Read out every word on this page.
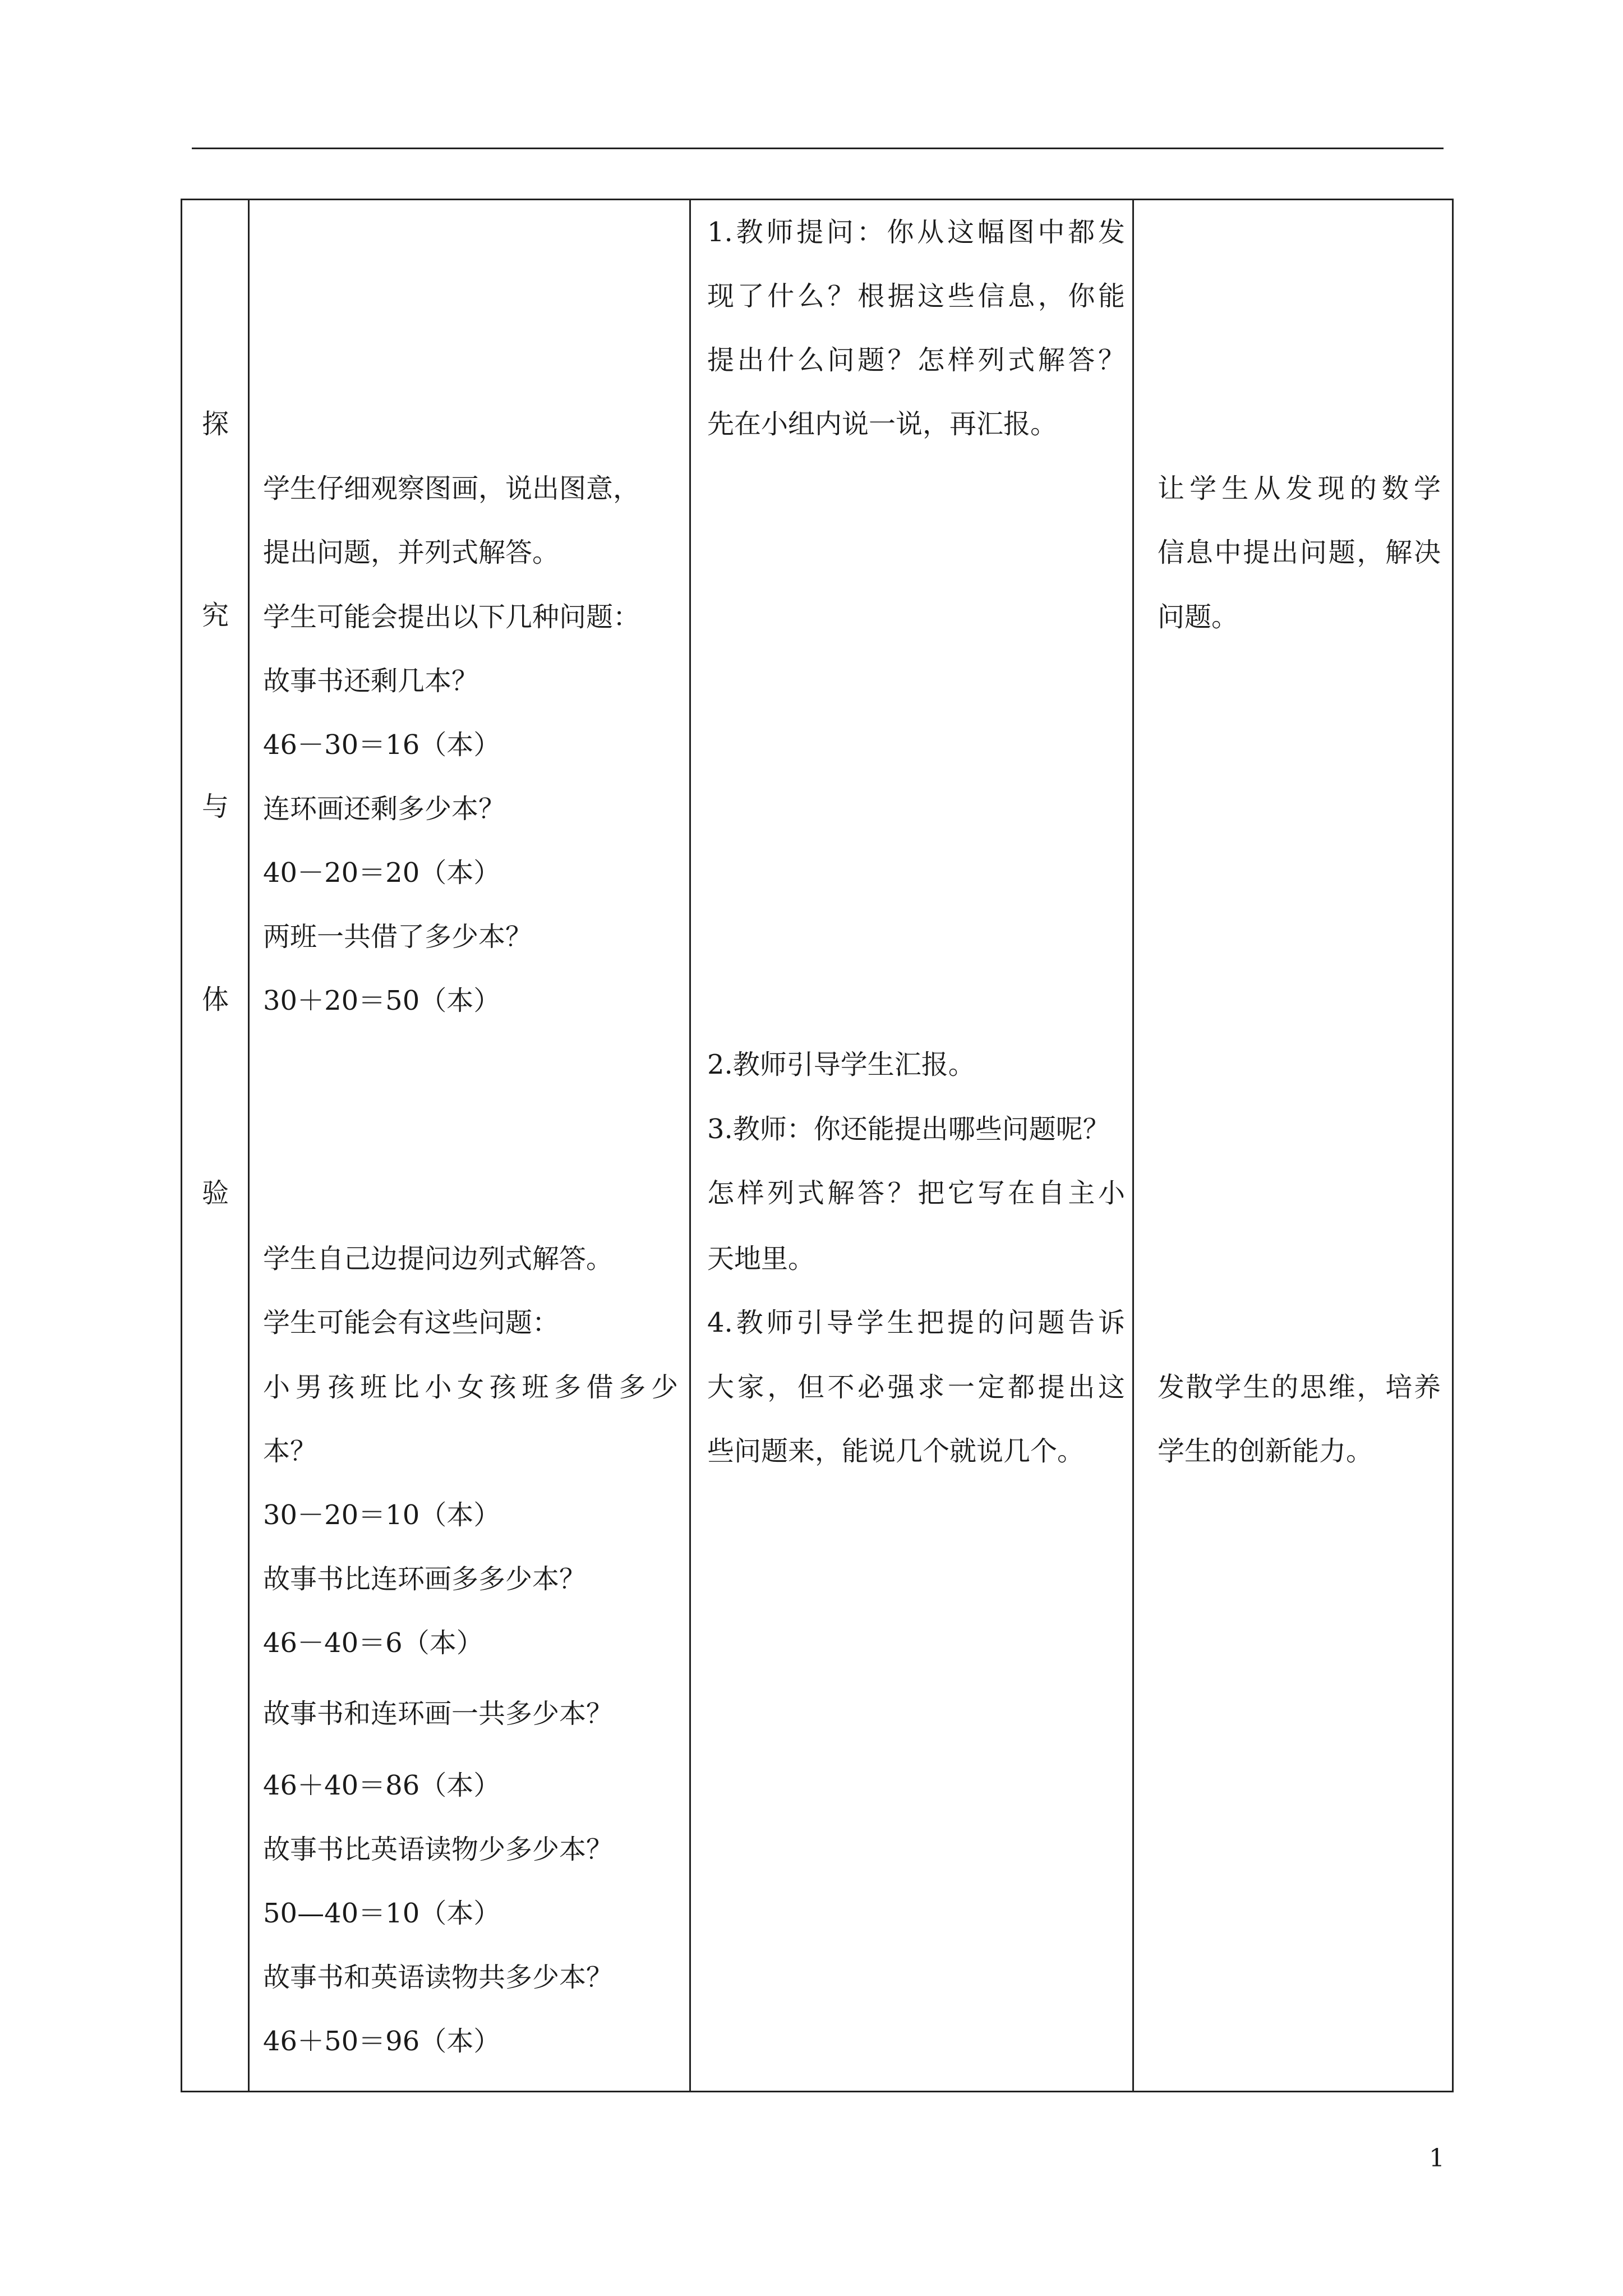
探
究
与
体
验
学生仔细观察图画，说出图意，
提出问题，并列式解答。
学生可能会提出以下几种问题：
故事书还剩几本？
46－30＝16（本）
连环画还剩多少本？
40－20＝20（本）
两班一共借了多少本？
30＋20＝50（本）
学生自己边提问边列式解答。
学生可能会有这些问题：
小男孩班比小女孩班多借多少
本？
30－20＝10（本）
故事书比连环画多多少本？
46－40＝6（本）
故事书和连环画一共多少本？
46＋40＝86（本）
故事书比英语读物少多少本？
50—40＝10（本）
故事书和英语读物共多少本？
46＋50＝96（本）
1.教师提问：你从这幅图中都发
现了什么？根据这些信息，你能
提出什么问题？怎样列式解答？
先在小组内说一说，再汇报。
2.教师引导学生汇报。
3.教师：你还能提出哪些问题呢？
怎样列式解答？把它写在自主小
天地里。
4.教师引导学生把提的问题告诉
大家，但不必强求一定都提出这
些问题来，能说几个就说几个。
让学生从发现的数学
信息中提出问题，解决
问题。
发散学生的思维，培养
学生的创新能力。
1
